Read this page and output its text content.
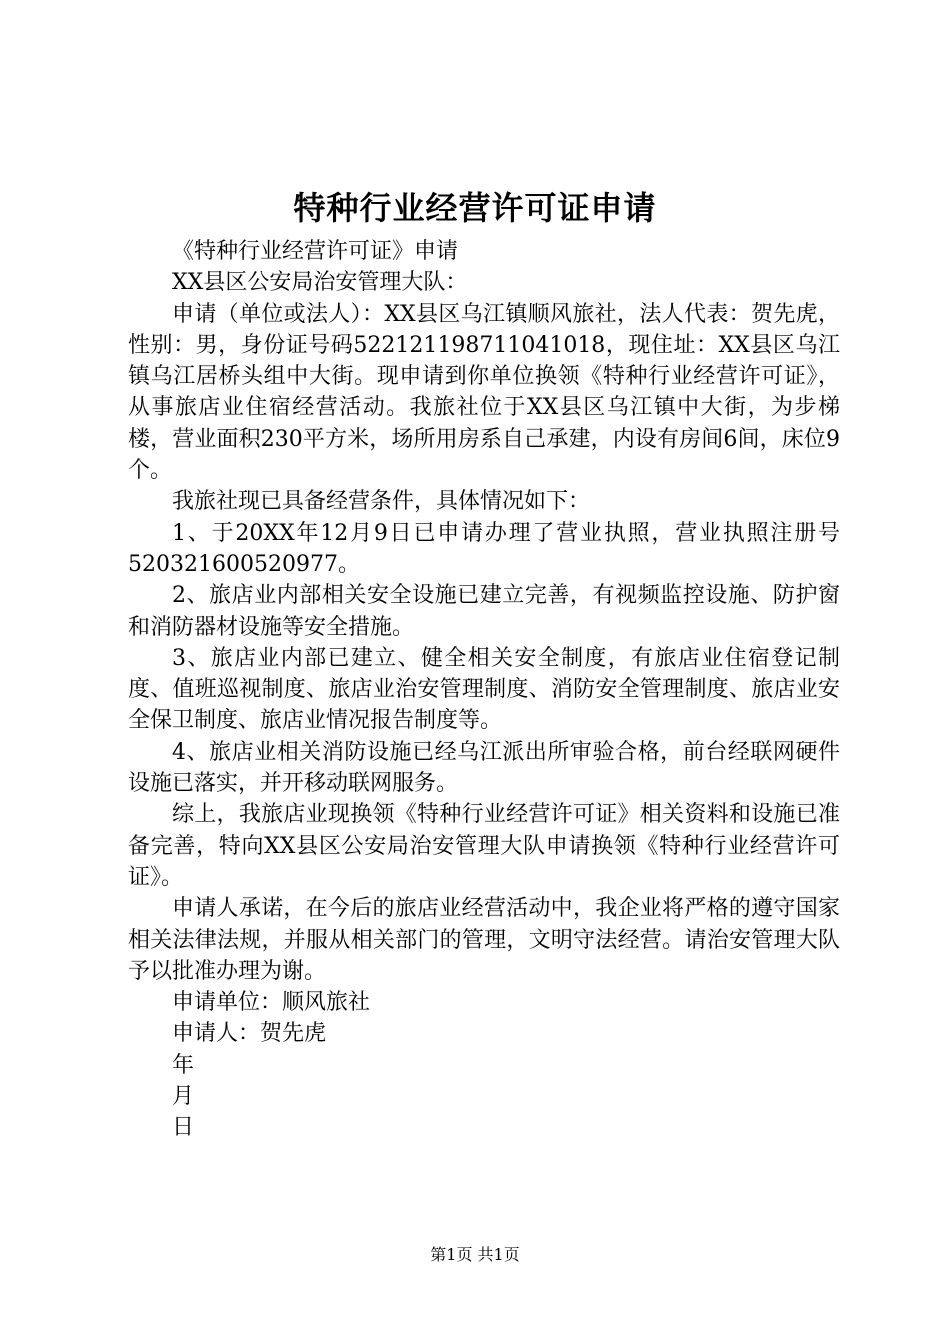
特种行业经营许可证申请

《特种行业经营许可证》申请

XX县区公安局治安管理大队：

申请（单位或法人）：XX县区乌江镇顺风旅社，法人代表：贺先虎，性别：男，身份证号码522121198711041018，现住址：XX县区乌江镇乌江居桥头组中大街。现申请到你单位换领《特种行业经营许可证》，从事旅店业住宿经营活动。我旅社位于XX县区乌江镇中大街，为步梯楼，营业面积230平方米，场所用房系自己承建，内设有房间6间，床位9个。

我旅社现已具备经营条件，具体情况如下：

1、于20XX年12月9日已申请办理了营业执照，营业执照注册号520321600520977。

2、旅店业内部相关安全设施已建立完善，有视频监控设施、防护窗和消防器材设施等安全措施。

3、旅店业内部已建立、健全相关安全制度，有旅店业住宿登记制度、值班巡视制度、旅店业治安管理制度、消防安全管理制度、旅店业安全保卫制度、旅店业情况报告制度等。

4、旅店业相关消防设施已经乌江派出所审验合格，前台经联网硬件设施已落实，并开移动联网服务。

综上，我旅店业现换领《特种行业经营许可证》相关资料和设施已准备完善，特向XX县区公安局治安管理大队申请换领《特种行业经营许可证》。

申请人承诺，在今后的旅店业经营活动中，我企业将严格的遵守国家相关法律法规，并服从相关部门的管理，文明守法经营。请治安管理大队予以批准办理为谢。

申请单位：顺风旅社

申请人：贺先虎

年

月

日

第1页 共1页
